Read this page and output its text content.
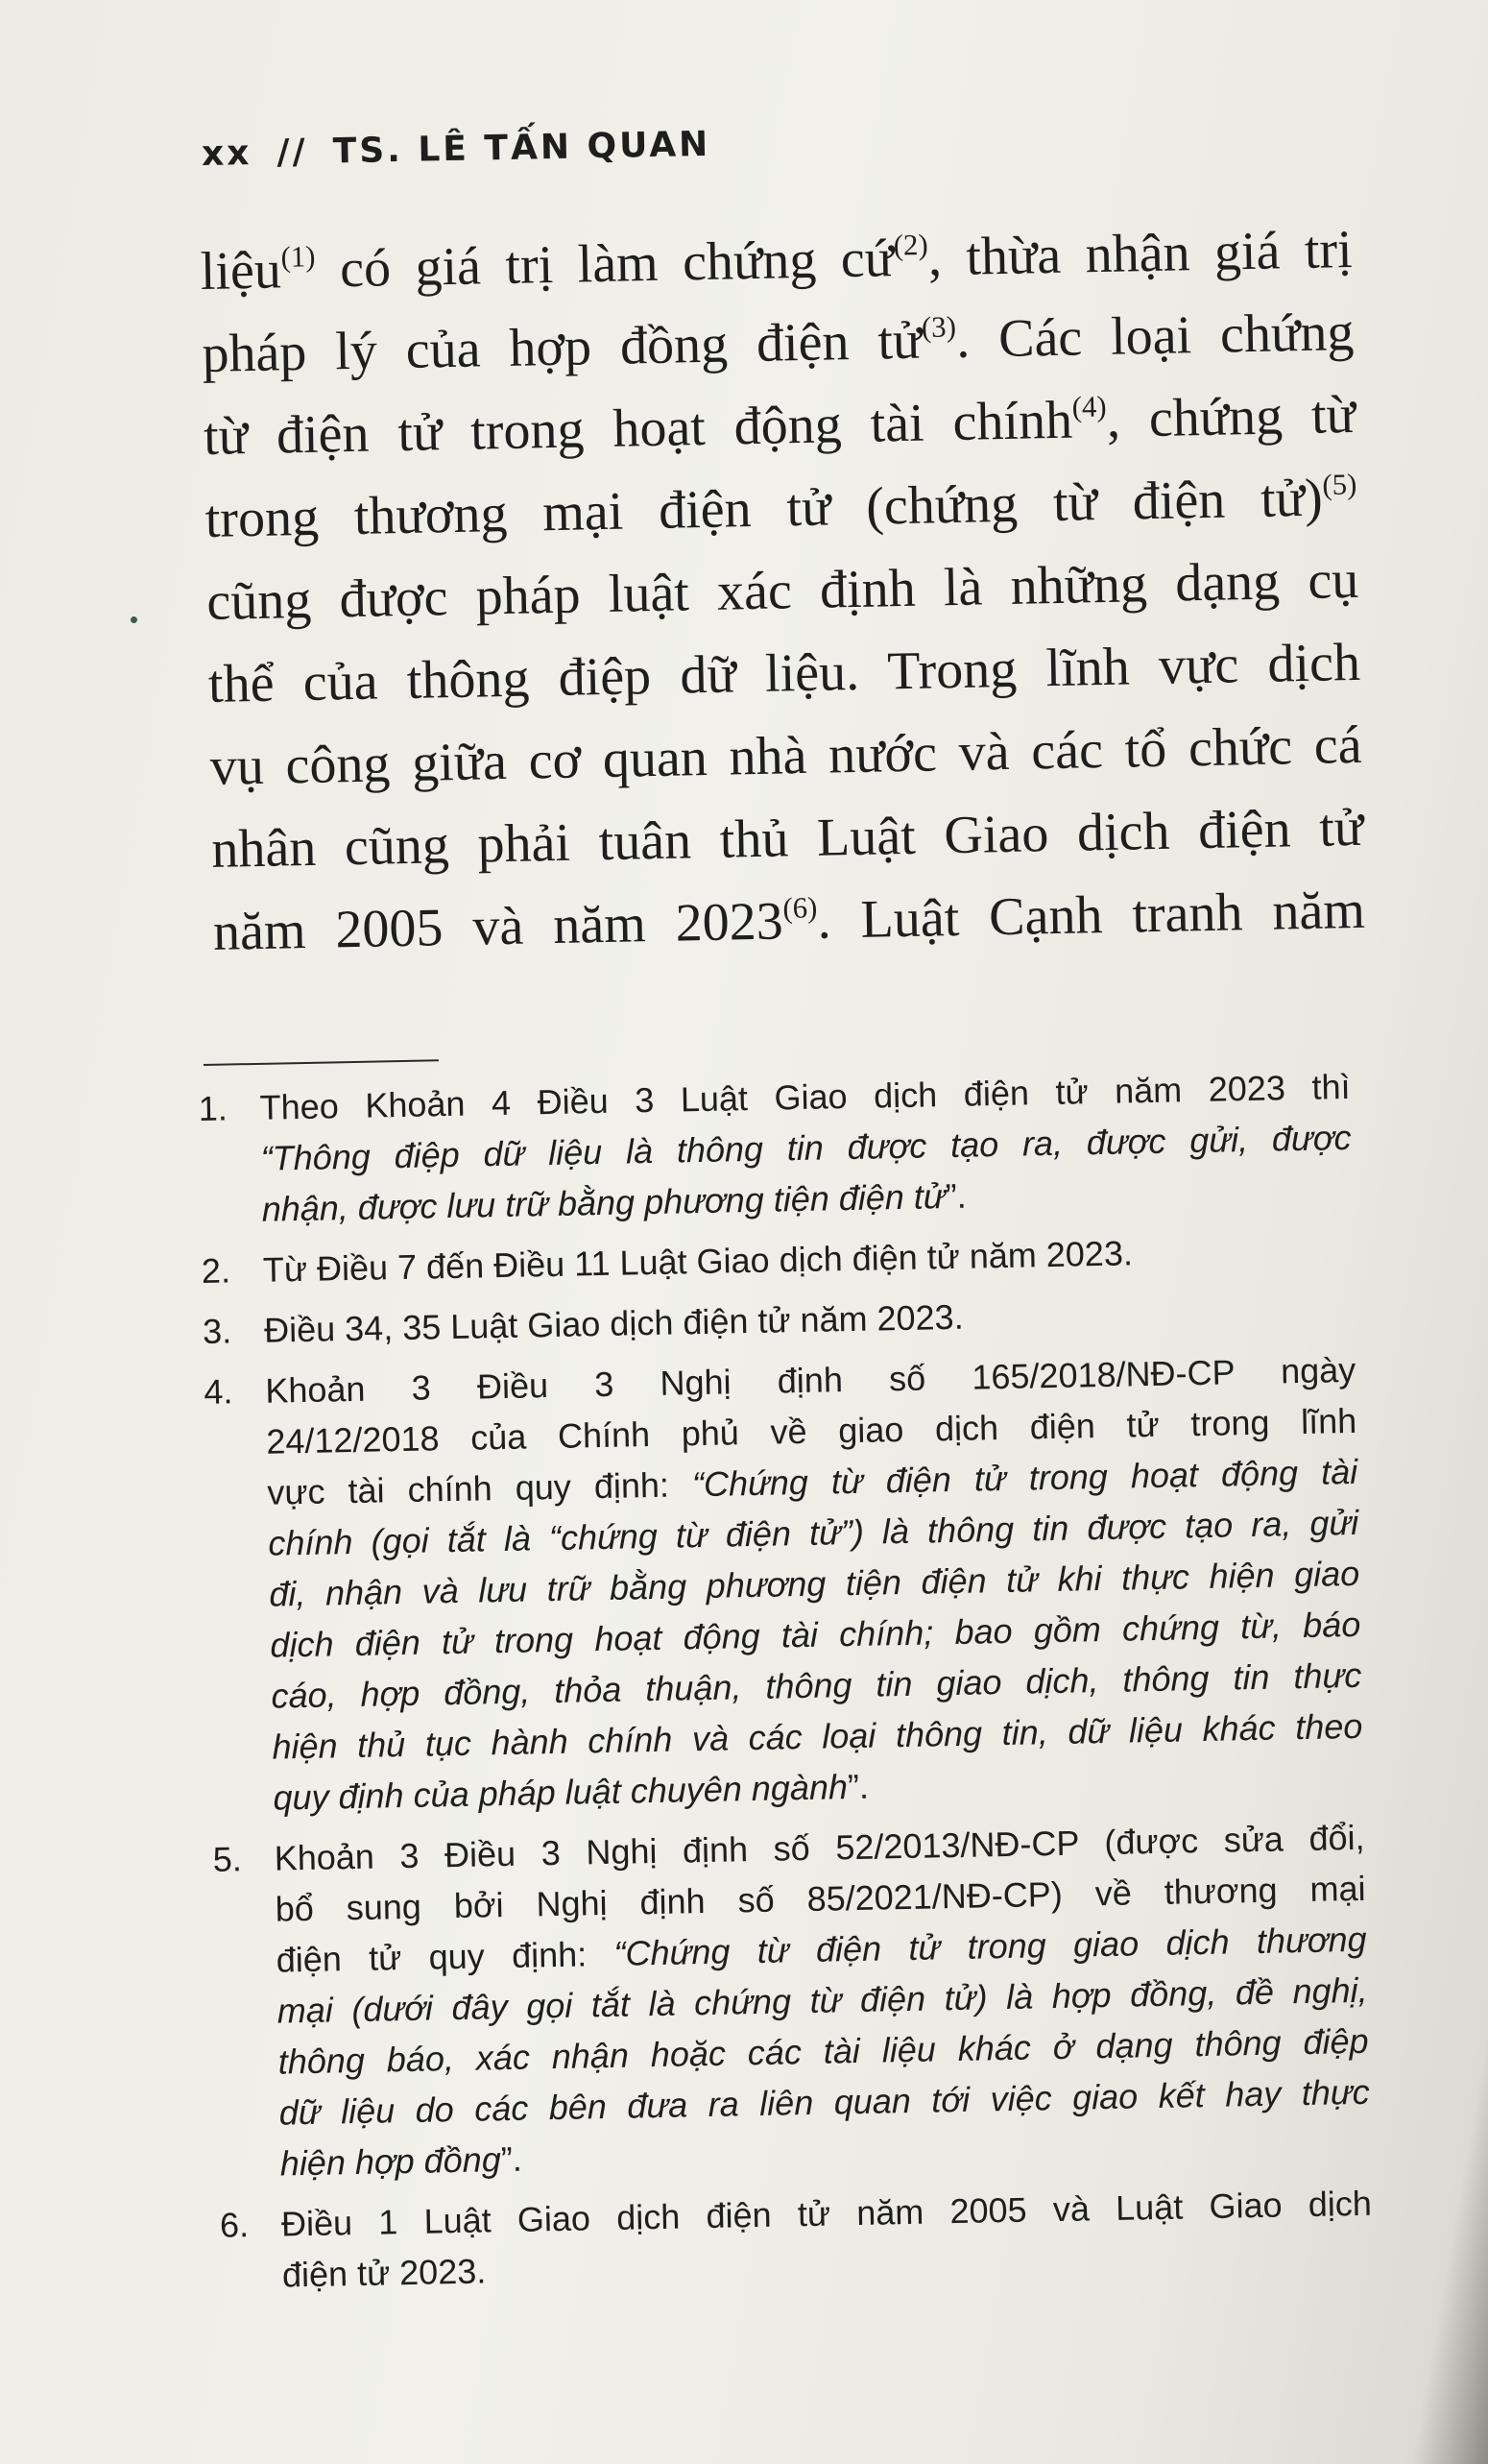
xx // TS. LÊ TẤN QUAN
liệu$^{(1)}$ có giá trị làm chứng cứ$^{(2)}$, thừa nhận giá trị
pháp lý của hợp đồng điện tử$^{(3)}$. Các loại chứng
từ điện tử trong hoạt động tài chính$^{(4)}$, chứng từ
trong thương mại điện tử (chứng từ điện tử)$^{(5)}$
cũng được pháp luật xác định là những dạng cụ
thể của thông điệp dữ liệu. Trong lĩnh vực dịch
vụ công giữa cơ quan nhà nước và các tổ chức cá
nhân cũng phải tuân thủ Luật Giao dịch điện tử
năm 2005 và năm 2023$^{(6)}$. Luật Cạnh tranh năm
1. Theo Khoản 4 Điều 3 Luật Giao dịch điện tử năm 2023 thì
“Thông điệp dữ liệu là thông tin được tạo ra, được gửi, được
nhận, được lưu trữ bằng phương tiện điện tử”.
2. Từ Điều 7 đến Điều 11 Luật Giao dịch điện tử năm 2023.
3. Điều 34, 35 Luật Giao dịch điện tử năm 2023.
4. Khoản 3 Điều 3 Nghị định số 165/2018/NĐ-CP ngày
24/12/2018 của Chính phủ về giao dịch điện tử trong lĩnh
vực tài chính quy định: “Chứng từ điện tử trong hoạt động tài
chính (gọi tắt là “chứng từ điện tử”) là thông tin được tạo ra, gửi
đi, nhận và lưu trữ bằng phương tiện điện tử khi thực hiện giao
dịch điện tử trong hoạt động tài chính; bao gồm chứng từ, báo
cáo, hợp đồng, thỏa thuận, thông tin giao dịch, thông tin thực
hiện thủ tục hành chính và các loại thông tin, dữ liệu khác theo
quy định của pháp luật chuyên ngành”.
5. Khoản 3 Điều 3 Nghị định số 52/2013/NĐ-CP (được sửa đổi,
bổ sung bởi Nghị định số 85/2021/NĐ-CP) về thương mại
điện tử quy định: “Chứng từ điện tử trong giao dịch thương
mại (dưới đây gọi tắt là chứng từ điện tử) là hợp đồng, đề nghị,
thông báo, xác nhận hoặc các tài liệu khác ở dạng thông điệp
dữ liệu do các bên đưa ra liên quan tới việc giao kết hay thực
hiện hợp đồng”.
6. Điều 1 Luật Giao dịch điện tử năm 2005 và Luật Giao dịch
điện tử 2023.
